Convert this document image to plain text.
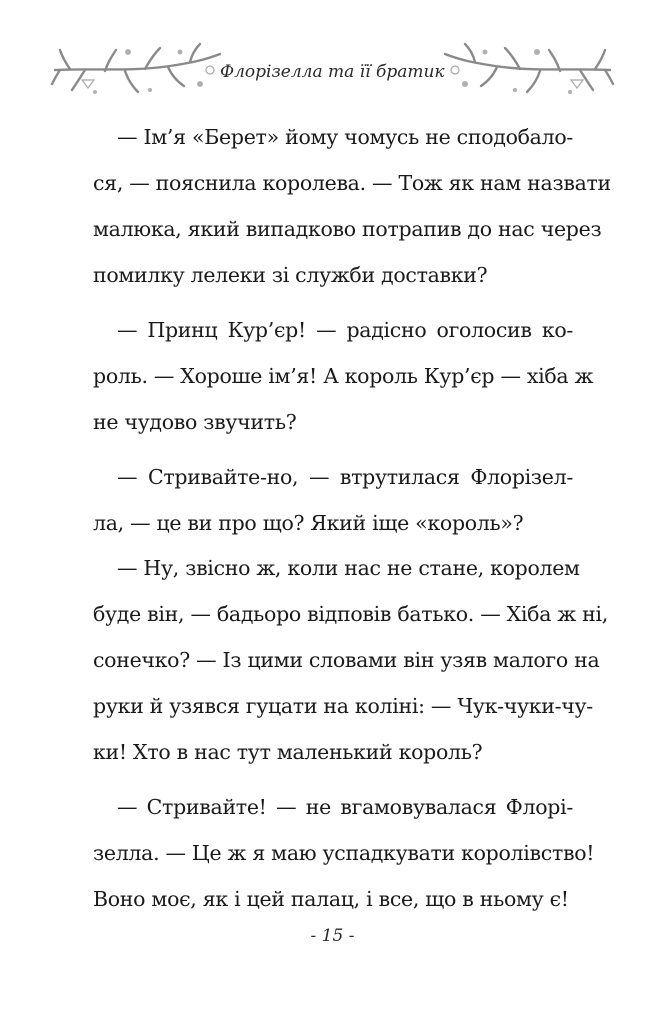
Флорізелла та її братик
— Ім’я «Берет» йому чомусь не сподобало-
ся, — пояснила королева. — Тож як нам назвати
малюка, який випадково потрапив до нас через
помилку лелеки зі служби доставки?
— Принц Кур’єр! — радісно оголосив ко-
роль. — Хороше ім’я! А король Кур’єр — хіба ж
не чудово звучить?
— Стривайте-но, — втрутилася Флорізел-
ла, — це ви про що? Який іще «король»?
— Ну, звісно ж, коли нас не стане, королем
буде він, — бадьоро відповів батько. — Хіба ж ні,
сонечко? — Із цими словами він узяв малого на
руки й узявся гуцати на коліні: — Чук-чуки-чу-
ки! Хто в нас тут маленький король?
— Стривайте! — не вгамовувалася Флорі-
зелла. — Це ж я маю успадкувати королівство!
Воно моє, як і цей палац, і все, що в ньому є!
- 15 -
